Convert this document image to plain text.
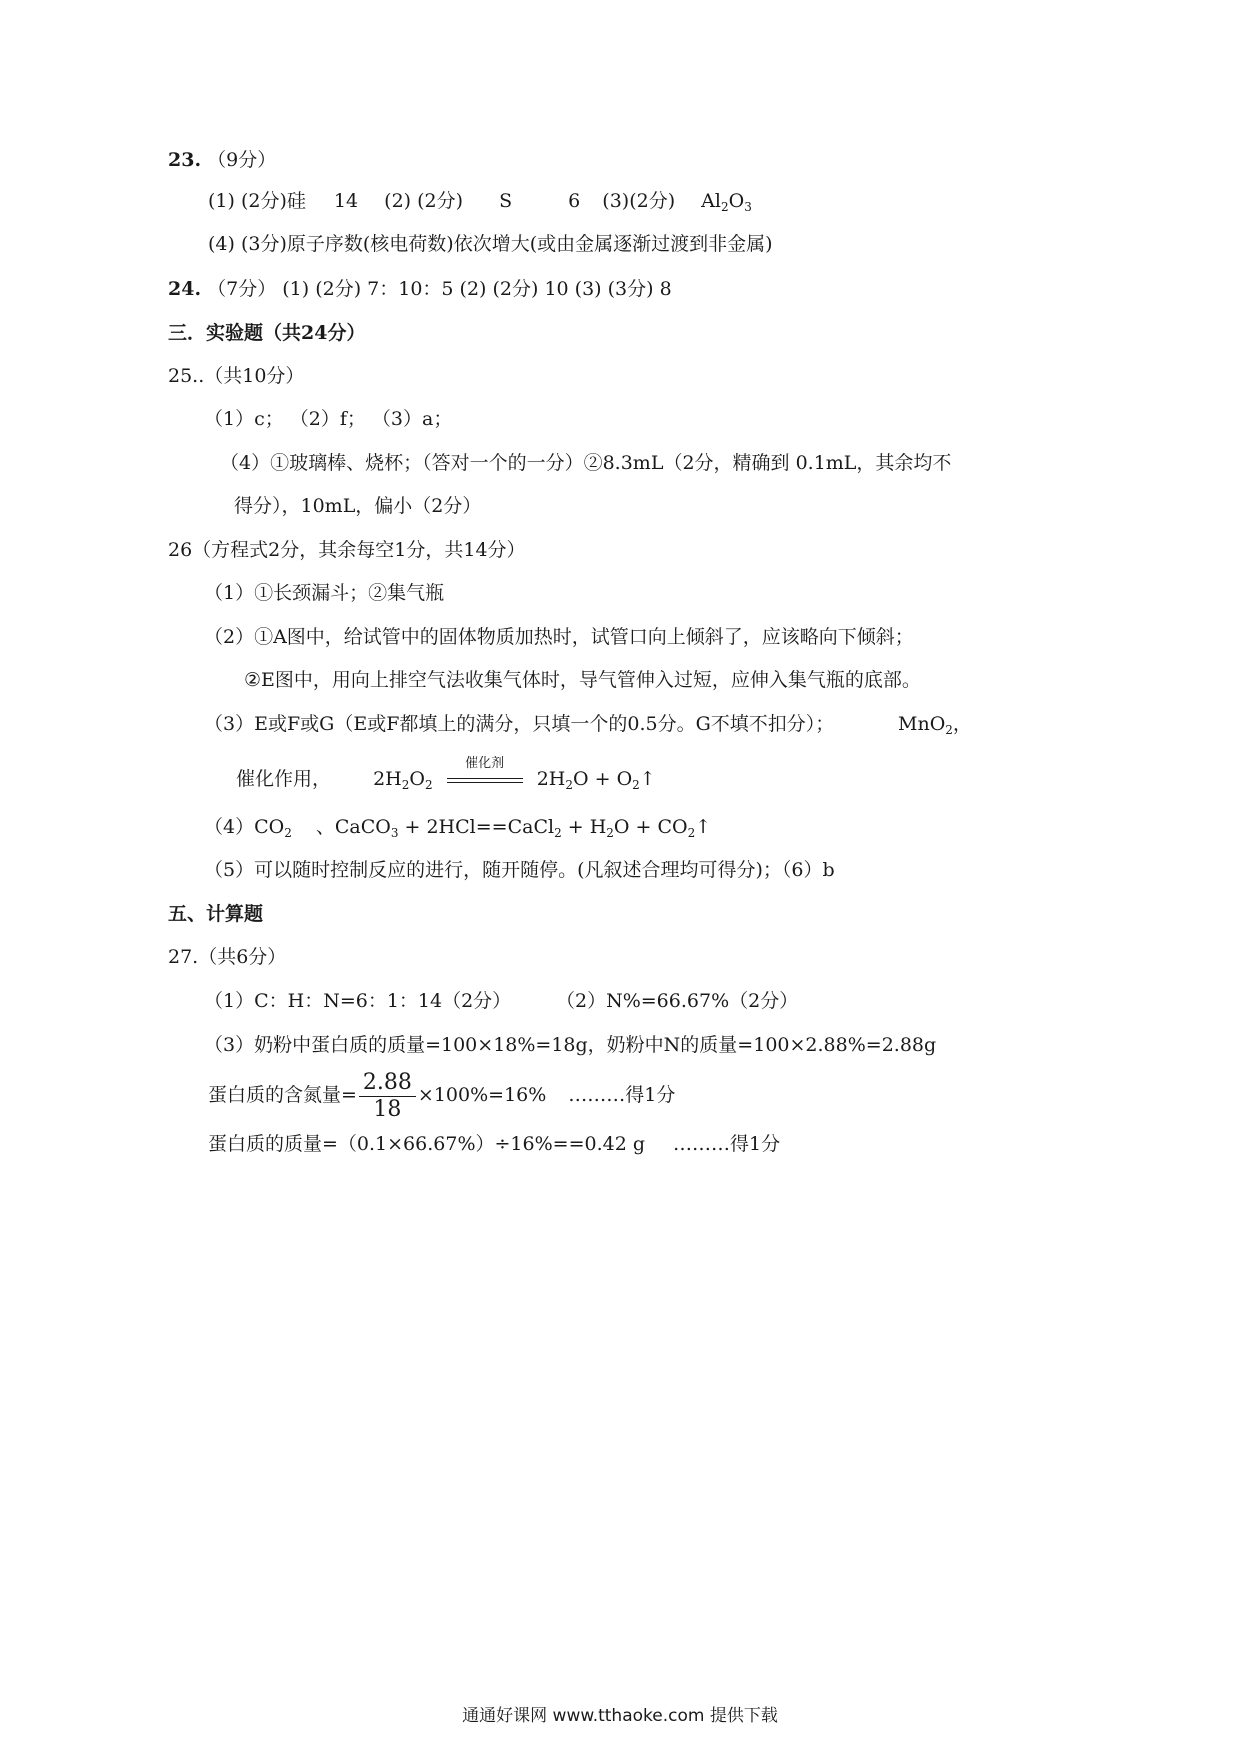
23. （9分）
(1) (2分)硅 14 (2) (2分) S	6 (3)(2分) $Al_2O_3$
(4) (3分)原子序数(核电荷数)依次增大(或由金属逐渐过渡到非金属)
24. （7分） (1) (2分) 7：10：5 (2) (2分) 10 (3) (3分) 8
三．实验题（共24分）
25..（共10分）
（1）c； （2）f； （3）a；
（4）①玻璃棒、烧杯；（答对一个的一分）②8.3mL（2分，精确到 0.1mL，其余均不
得分），10mL，偏小（2分）
26（方程式2分，其余每空1分，共14分）
（1）①长颈漏斗；②集气瓶
（2）①A图中，给试管中的固体物质加热时，试管口向上倾斜了，应该略向下倾斜；
②E图中，用向上排空气法收集气体时，导气管伸入过短，应伸入集气瓶的底部。
（3）E或F或G（E或F都填上的满分，只填一个的0.5分。G不填不扣分）；	MnO$_2$，
催化作用， $2H_2O_2$
催化剂
$2H_2O$ + $O_2↑$
$(4)CO_2$ 、CaCO$_3$ + 2HCl==CaCl$_2$ + $H_2O$ + $CO_2↑$
（5）可以随时控制反应的进行，随开随停。(凡叙述合理均可得分)；（6）b
五、计算题
27.（共6分）
（1）C：H：N=6：1：14（2分） （2）N%=66.67%（2分）
（3）奶粉中蛋白质的质量=100×18%=18g，奶粉中N的质量=100×2.88%=2.88g
蛋白质的含氮量= $\frac{2.88}{18} \times 100\%=16\%$ ………得1分
蛋白质的质量=（0.1×66.67%）÷16%==0.42 g ………得1分
通通好课网 www.tthaoke.com 提供下载
